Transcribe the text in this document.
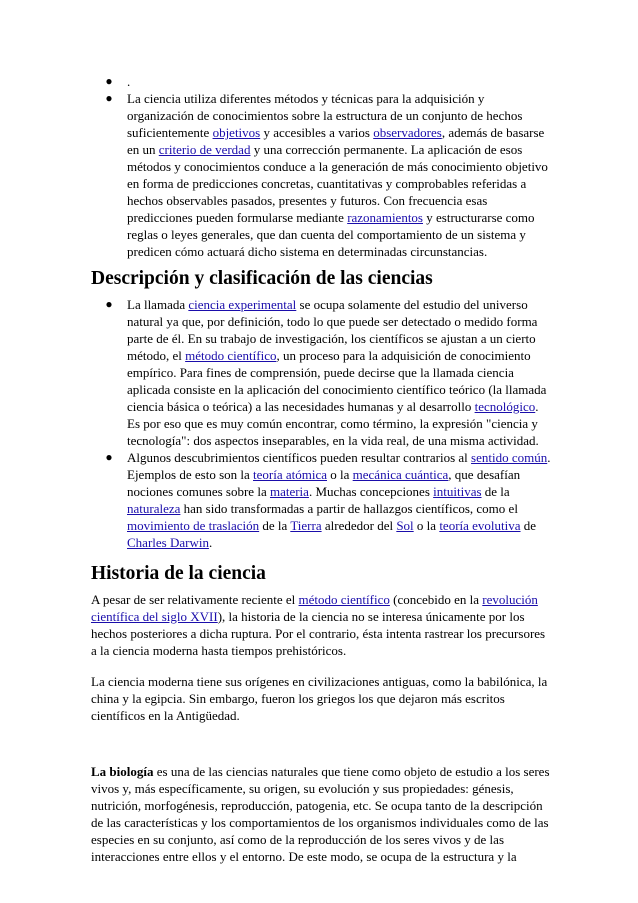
● .
● La ciencia utiliza diferentes métodos y técnicas para la adquisición y organización de conocimientos sobre la estructura de un conjunto de hechos suficientemente objetivos y accesibles a varios observadores, además de basarse en un criterio de verdad y una corrección permanente. La aplicación de esos métodos y conocimientos conduce a la generación de más conocimiento objetivo en forma de predicciones concretas, cuantitativas y comprobables referidas a hechos observables pasados, presentes y futuros. Con frecuencia esas predicciones pueden formularse mediante razonamientos y estructurarse como reglas o leyes generales, que dan cuenta del comportamiento de un sistema y predicen cómo actuará dicho sistema en determinadas circunstancias.
Descripción y clasificación de las ciencias
● La llamada ciencia experimental se ocupa solamente del estudio del universo natural ya que, por definición, todo lo que puede ser detectado o medido forma parte de él. En su trabajo de investigación, los científicos se ajustan a un cierto método, el método científico, un proceso para la adquisición de conocimiento empírico. Para fines de comprensión, puede decirse que la llamada ciencia aplicada consiste en la aplicación del conocimiento científico teórico (la llamada ciencia básica o teórica) a las necesidades humanas y al desarrollo tecnológico. Es por eso que es muy común encontrar, como término, la expresión "ciencia y tecnología": dos aspectos inseparables, en la vida real, de una misma actividad.
● Algunos descubrimientos científicos pueden resultar contrarios al sentido común. Ejemplos de esto son la teoría atómica o la mecánica cuántica, que desafían nociones comunes sobre la materia. Muchas concepciones intuitivas de la naturaleza han sido transformadas a partir de hallazgos científicos, como el movimiento de traslación de la Tierra alrededor del Sol o la teoría evolutiva de Charles Darwin.
Historia de la ciencia

A pesar de ser relativamente reciente el método científico (concebido en la revolución científica del siglo XVII), la historia de la ciencia no se interesa únicamente por los hechos posteriores a dicha ruptura. Por el contrario, ésta intenta rastrear los precursores a la ciencia moderna hasta tiempos prehistóricos.

La ciencia moderna tiene sus orígenes en civilizaciones antiguas, como la babilónica, la china y la egipcia. Sin embargo, fueron los griegos los que dejaron más escritos científicos en la Antigüedad.

La biología es una de las ciencias naturales que tiene como objeto de estudio a los seres vivos y, más específicamente, su origen, su evolución y sus propiedades: génesis, nutrición, morfogénesis, reproducción, patogenia, etc. Se ocupa tanto de la descripción de las características y los comportamientos de los organismos individuales como de las especies en su conjunto, así como de la reproducción de los seres vivos y de las interacciones entre ellos y el entorno. De este modo, se ocupa de la estructura y la
